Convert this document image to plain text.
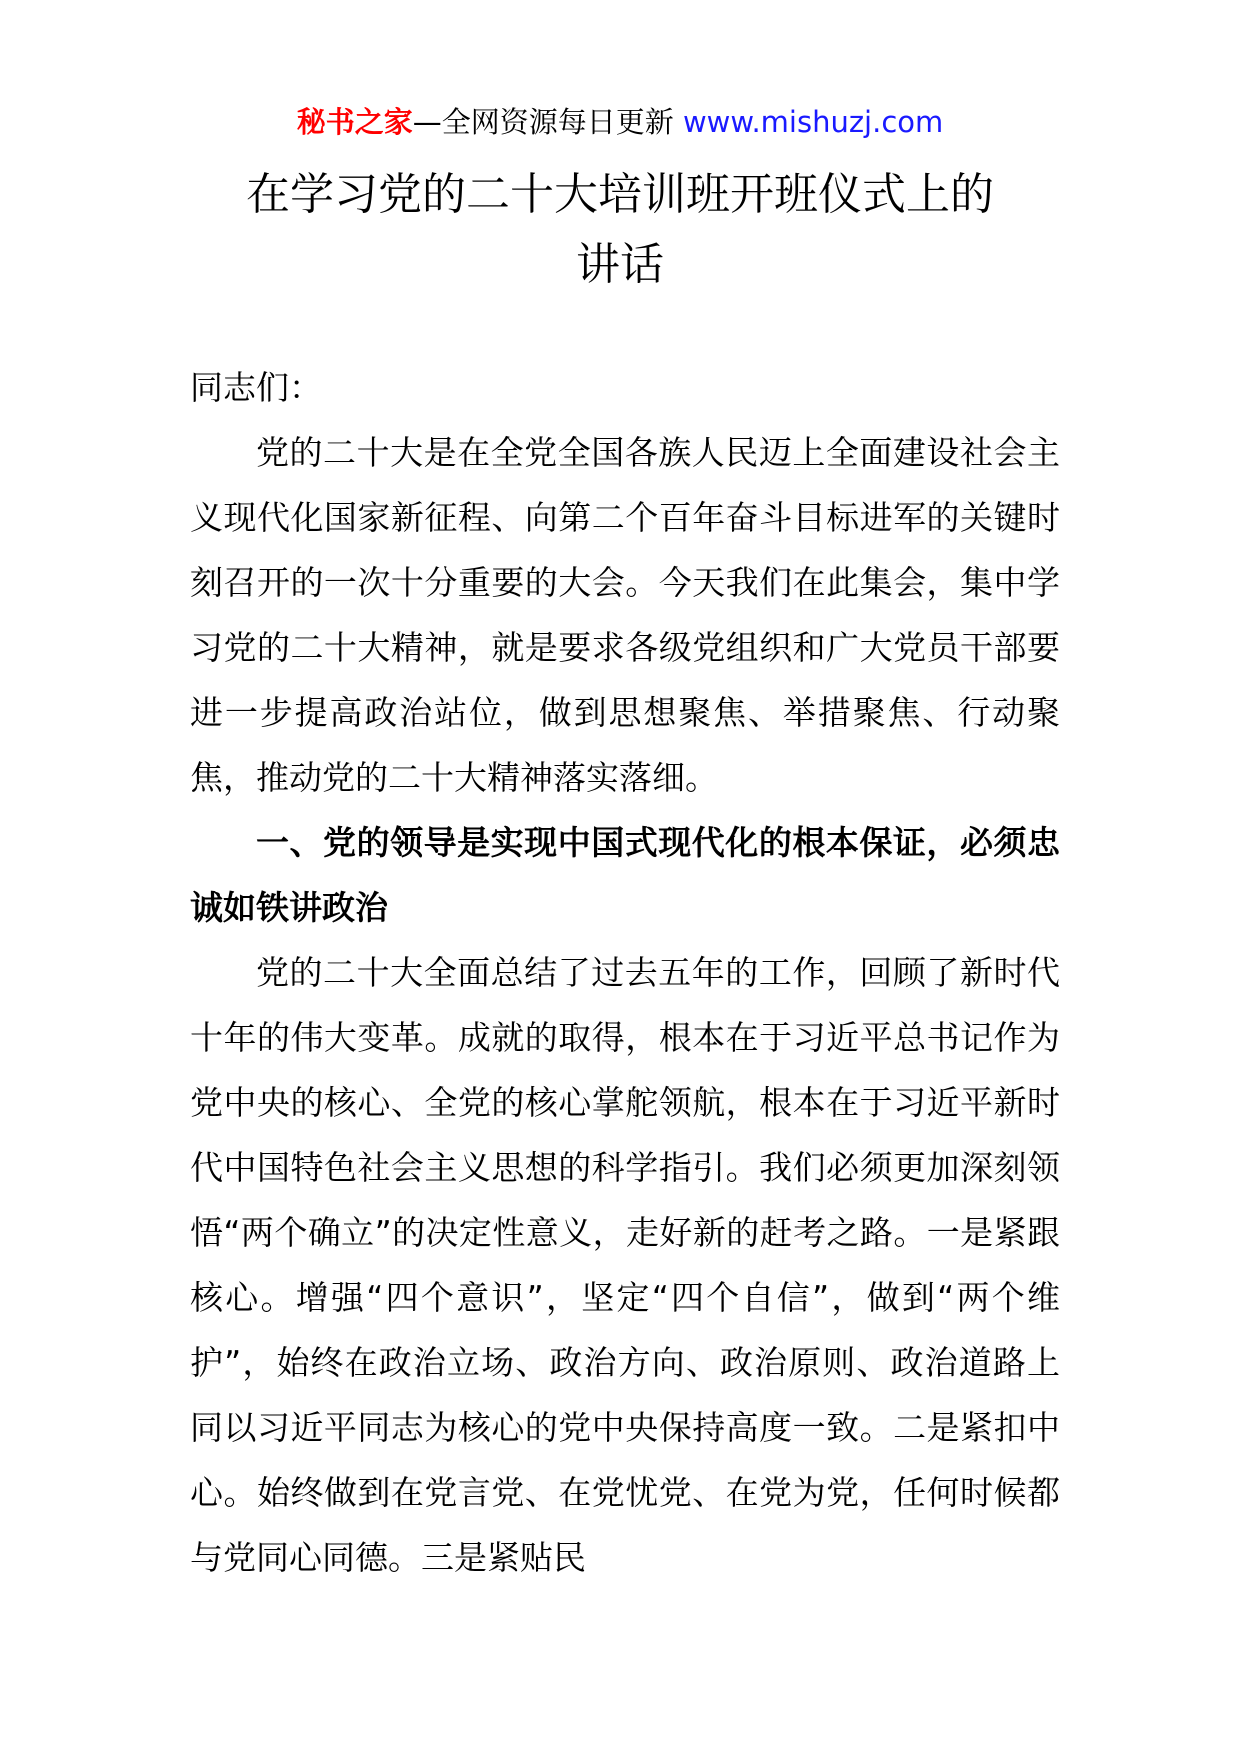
秘书之家—全网资源每日更新 www.mishuzj.com
在学习党的二十大培训班开班仪式上的
讲话

同志们：

党的二十大是在全党全国各族人民迈上全面建设社会主义现代化国家新征程、向第二个百年奋斗目标进军的关键时刻召开的一次十分重要的大会。今天我们在此集会，集中学习党的二十大精神，就是要求各级党组织和广大党员干部要进一步提高政治站位，做到思想聚焦、举措聚焦、行动聚焦，推动党的二十大精神落实落细。

一、党的领导是实现中国式现代化的根本保证，必须忠诚如铁讲政治

党的二十大全面总结了过去五年的工作，回顾了新时代十年的伟大变革。成就的取得，根本在于习近平总书记作为党中央的核心、全党的核心掌舵领航，根本在于习近平新时代中国特色社会主义思想的科学指引。我们必须更加深刻领悟“两个确立”的决定性意义，走好新的赶考之路。一是紧跟核心。增强“四个意识”，坚定“四个自信”，做到“两个维护”，始终在政治立场、政治方向、政治原则、政治道路上同以习近平同志为核心的党中央保持高度一致。二是紧扣中心。始终做到在党言党、在党忧党、在党为党，任何时候都与党同心同德。三是紧贴民
